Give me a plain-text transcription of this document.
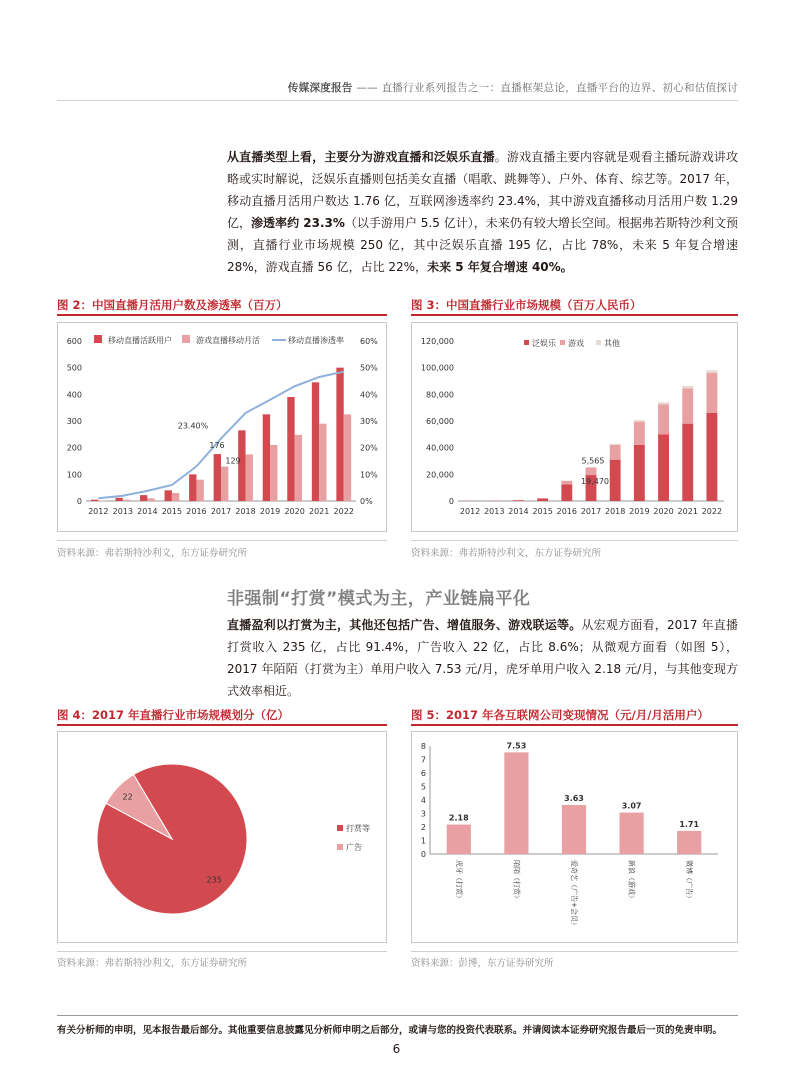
传媒深度报告 —— 直播行业系列报告之一：直播框架总论，直播平台的边界、初心和估值探讨
从直播类型上看，主要分为游戏直播和泛娱乐直播。游戏直播主要内容就是观看主播玩游戏讲攻略或实时解说，泛娱乐直播则包括美女直播（唱歌、跳舞等）、户外、体育、综艺等。2017 年，移动直播月活用户数达 1.76 亿，互联网渗透率约 23.4%，其中游戏直播移动月活用户数 1.29 亿，渗透率约 23.3%（以手游用户 5.5 亿计），未来仍有较大增长空间。根据弗若斯特沙利文预测，直播行业市场规模 250 亿，其中泛娱乐直播 195 亿，占比 78%，未来 5 年复合增速 28%，游戏直播 56 亿，占比 22%，未来 5 年复合增速 40%。
图 2：中国直播月活用户数及渗透率（百万）
0
100
200
300
400
500
600
0%
10%
20%
30%
40%
50%
60%
2012 2013 2014 2015 2016 2017 2018 2019 2020 2021 2022
移动直播活跃用户	游戏直播移动月活	移动直播渗透率
23.40%
176
129
资料来源：弗若斯特沙利文，东方证券研究所
图 3：中国直播行业市场规模（百万人民币）
0
20,000
40,000
60,000
80,000
100,000
120,000
2012 2013 2014 2015 2016 2017 2018 2019 2020 2021 2022
泛娱乐 游戏	其他
5,565
19,470
资料来源：弗若斯特沙利文，东方证券研究所
非强制“打赏”模式为主，产业链扁平化
直播盈利以打赏为主，其他还包括广告、增值服务、游戏联运等。从宏观方面看，2017 年直播打赏收入 235 亿，占比 91.4%，广告收入 22 亿，占比 8.6%；从微观方面看（如图 5），2017 年陌陌（打赏为主）单用户收入 7.53 元/月，虎牙单用户收入 2.18 元/月，与其他变现方式效率相近。
图 4：2017 年直播行业市场规模划分（亿）
235
22
打赏等
广告
资料来源：弗若斯特沙利文，东方证券研究所
图 5：2017 年各互联网公司变现情况（元/月/月活用户）
0
1
2
3
4
5
6
7
8
2.18
虎牙（打赏）
7.53
陌陌（打赏）
3.63
爱奇艺（广告+会员）
3.07
新浪（游戏）
1.71
微博（广告）
资料来源：彭博，东方证券研究所
有关分析师的申明，见本报告最后部分。其他重要信息披露见分析师申明之后部分，或请与您的投资代表联系。并请阅读本证券研究报告最后一页的免责申明。
6
